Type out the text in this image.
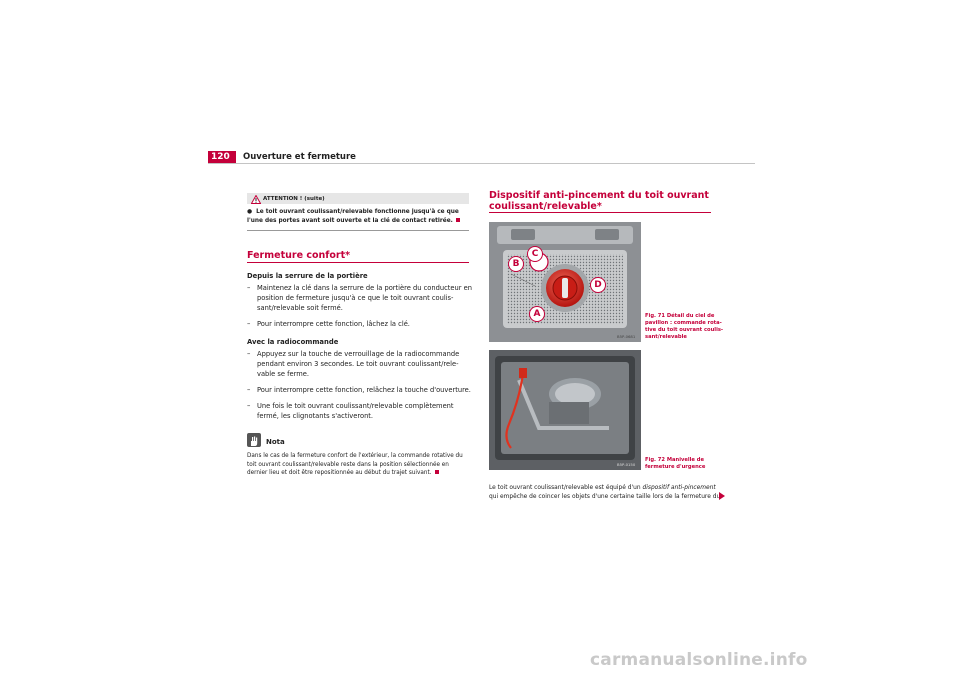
120	Ouverture et fermeture
ATTENTION ! (suite)
●  Le toit ouvrant coulissant/relevable fonctionne jusqu'à ce que l'une des portes avant soit ouverte et la clé de contact retirée.
Fermeture confort*
Depuis la serrure de la portière
– Maintenez la clé dans la serrure de la portière du conducteur en position de fermeture jusqu'à ce que le toit ouvrant coulis-sant/relevable soit fermé.
– Pour interrompre cette fonction, lâchez la clé.
Avec la radiocommande
– Appuyez sur la touche de verrouillage de la radiocommande pendant environ 3 secondes. Le toit ouvrant coulissant/rele-vable se ferme.
– Pour interrompre cette fonction, relâchez la touche d'ouverture.
– Une fois le toit ouvrant coulissant/relevable complètement fermé, les clignotants s'activeront.
Nota
Dans le cas de la fermeture confort de l'extérieur, la commande rotative du toit ouvrant coulissant/relevable reste dans la position sélectionnée en dernier lieu et doit être repositionnée au début du trajet suivant.
Dispositif anti-pincement du toit ouvrant
coulissant/relevable*
C
B
D
A
B5P-0681
Fig. 71 Détail du ciel de pavillon : commande rota-tive du toit ouvrant coulis-sant/relevable
B5P-0150
Fig. 72 Manivelle de fermeture d'urgence
Le toit ouvrant coulissant/relevable est équipé d'un dispositif anti-pincement
qui empêche de coincer les objets d'une certaine taille lors de la fermeture du
carmanualsonline.info
